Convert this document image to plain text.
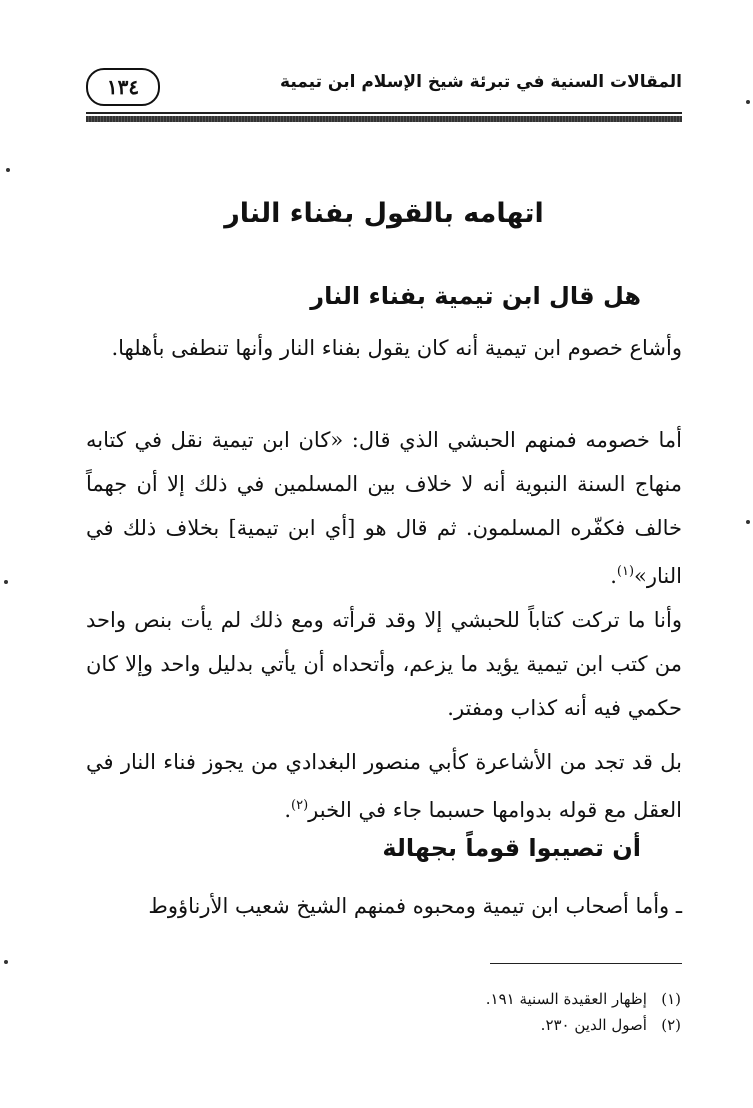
المقالات السنية في تبرئة شيخ الإسلام ابن تيمية
١٣٤
اتهامه بالقول بفناء النار
هل قال ابن تيمية بفناء النار

وأشاع خصوم ابن تيمية أنه كان يقول بفناء النار وأنها تنطفى بأهلها.

أما خصومه فمنهم الحبشي الذي قال: «كان ابن تيمية نقل في كتابه منهاج السنة النبوية أنه لا خلاف بين المسلمين في ذلك إلا أن جهماً خالف فكفّره المسلمون. ثم قال هو [أي ابن تيمية] بخلاف ذلك في النار»$^{(١)}$.

وأنا ما تركت كتاباً للحبشي إلا وقد قرأته ومع ذلك لم يأت بنص واحد من كتب ابن تيمية يؤيد ما يزعم، وأتحداه أن يأتي بدليل واحد وإلا كان حكمي فيه أنه كذاب ومفتر.

بل قد تجد من الأشاعرة كأبي منصور البغدادي من يجوز فناء النار في العقل مع قوله بدوامها حسبما جاء في الخبر$^{(٢)}$.

أن تصيبوا قوماً بجهالة

ـ وأما أصحاب ابن تيمية ومحبوه فمنهم الشيخ شعيب الأرناؤوط

(١)   إظهار العقيدة السنية ١٩١.
(٢)   أصول الدين ٢٣٠.
